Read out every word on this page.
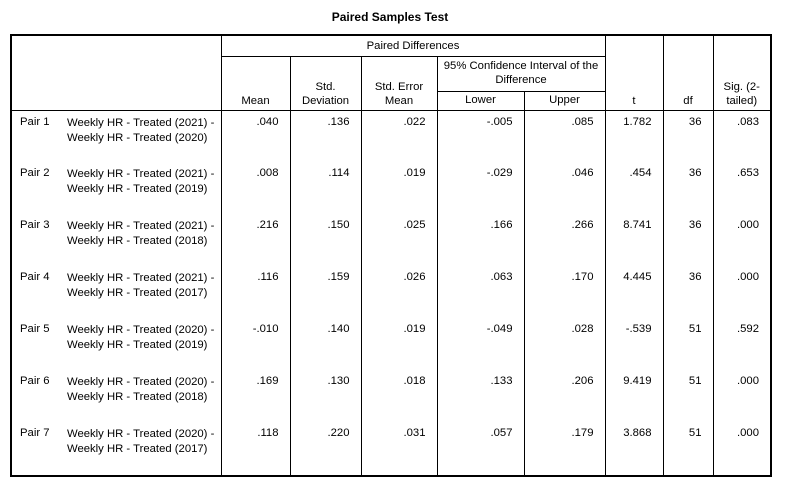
Paired Samples Test
		Paired Differences					t	df	Sig. (2-tailed)
		Mean	Std. Deviation	Std. Error Mean	95% Confidence Interval of the Difference				
					Lower	Upper			
Pair 1	Weekly HR - Treated (2021) - Weekly HR - Treated (2020)	.040	.136	.022	-.005	.085	1.782	36	.083
Pair 2	Weekly HR - Treated (2021) - Weekly HR - Treated (2019)	.008	.114	.019	-.029	.046	.454	36	.653
Pair 3	Weekly HR - Treated (2021) - Weekly HR - Treated (2018)	.216	.150	.025	.166	.266	8.741	36	.000
Pair 4	Weekly HR - Treated (2021) - Weekly HR - Treated (2017)	.116	.159	.026	.063	.170	4.445	36	.000
Pair 5	Weekly HR - Treated (2020) - Weekly HR - Treated (2019)	-.010	.140	.019	-.049	.028	-.539	51	.592
Pair 6	Weekly HR - Treated (2020) - Weekly HR - Treated (2018)	.169	.130	.018	.133	.206	9.419	51	.000
Pair 7	Weekly HR - Treated (2020) - Weekly HR - Treated (2017)	.118	.220	.031	.057	.179	3.868	51	.000
